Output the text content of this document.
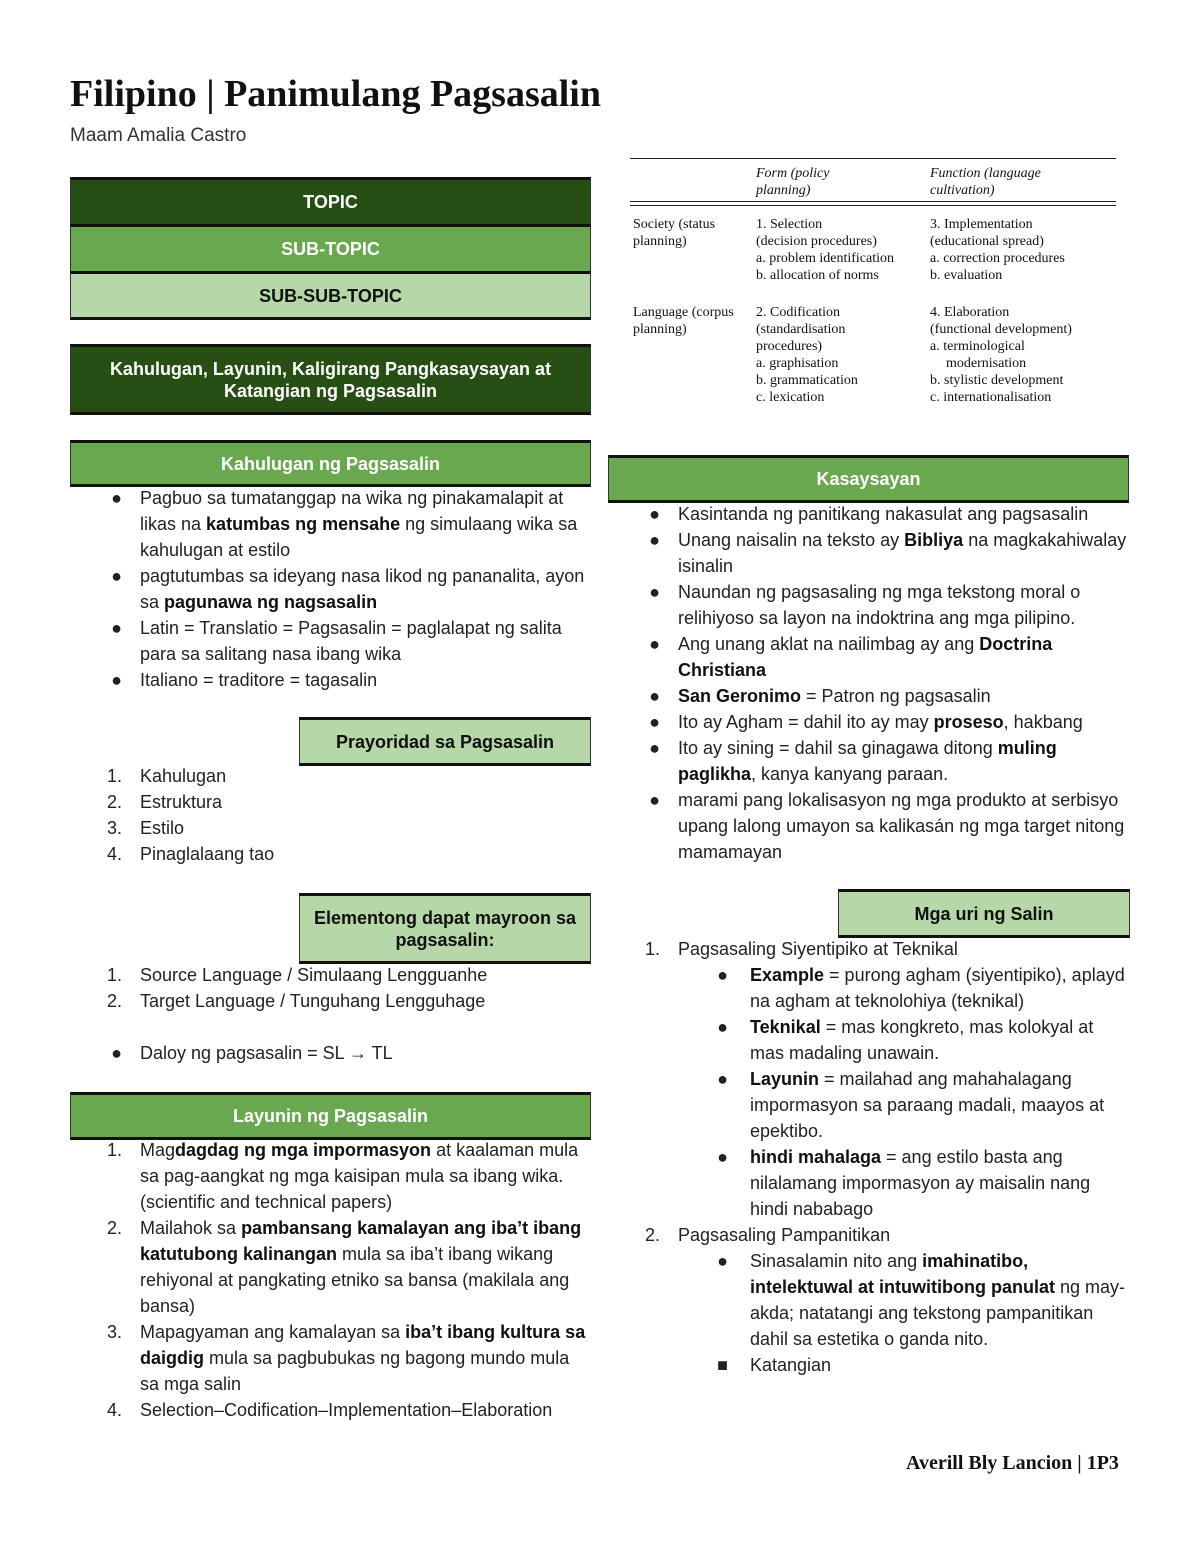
Filipino | Panimulang Pagsasalin
Maam Amalia Castro
TOPIC
SUB-TOPIC
SUB-SUB-TOPIC
Kahulugan, Layunin, Kaligirang Pangkasaysayan at Katangian ng Pagsasalin
Kahulugan ng Pagsasalin
● Pagbuo sa tumatanggap na wika ng pinakamalapit at likas na katumbas ng mensahe ng simulaang wika sa kahulugan at estilo
● pagtutumbas sa ideyang nasa likod ng pananalita, ayon sa pagunawa ng nagsasalin
● Latin = Translatio = Pagsasalin = paglalapat ng salita para sa salitang nasa ibang wika
● Italiano = traditore = tagasalin
Prayoridad sa Pagsasalin
1. Kahulugan
2. Estruktura
3. Estilo
4. Pinaglalaang tao
Elementong dapat mayroon sa pagsasalin:
1. Source Language / Simulaang Lengguanhe
2. Target Language / Tunguhang Lengguhage
● Daloy ng pagsasalin = SL → TL
Layunin ng Pagsasalin
1. Magdagdag ng mga impormasyon at kaalaman mula sa pag-aangkat ng mga kaisipan mula sa ibang wika. (scientific and technical papers)
2. Mailahok sa pambansang kamalayan ang iba’t ibang katutubong kalinangan mula sa iba’t ibang wikang rehiyonal at pangkating etniko sa bansa (makilala ang bansa)
3. Mapagyaman ang kamalayan sa iba’t ibang kultura sa daigdig mula sa pagbubukas ng bagong mundo mula sa mga salin
4. Selection–Codification–Implementation–Elaboration
Form (policy planning)
Function (language cultivation)
Society (status planning)
1. Selection
(decision procedures)
a. problem identification
b. allocation of norms
3. Implementation
(educational spread)
a. correction procedures
b. evaluation
Language (corpus planning)
2. Codification
(standardisation
procedures)
a. graphisation
b. grammatication
c. lexication
4. Elaboration
(functional development)
a. terminological
modernisation
b. stylistic development
c. internationalisation
Kasaysayan
● Kasintanda ng panitikang nakasulat ang pagsasalin
● Unang naisalin na teksto ay Bibliya na magkakahiwalay isinalin
● Naundan ng pagsasaling ng mga tekstong moral o relihiyoso sa layon na indoktrina ang mga pilipino.
● Ang unang aklat na nailimbag ay ang Doctrina Christiana
● San Geronimo = Patron ng pagsasalin
● Ito ay Agham = dahil ito ay may proseso, hakbang
● Ito ay sining = dahil sa ginagawa ditong muling paglikha, kanya kanyang paraan.
● marami pang lokalisasyon ng mga produkto at serbisyo upang lalong umayon sa kalikasán ng mga target nitong mamamayan
Mga uri ng Salin
1. Pagsasaling Siyentipiko at Teknikal
● Example = purong agham (siyentipiko), aplayd na agham at teknolohiya (teknikal)
● Teknikal = mas kongkreto, mas kolokyal at mas madaling unawain.
● Layunin = mailahad ang mahahalagang impormasyon sa paraang madali, maayos at epektibo.
● hindi mahalaga = ang estilo basta ang nilalamang impormasyon ay maisalin nang hindi nababago
2. Pagsasaling Pampanitikan
● Sinasalamin nito ang imahinatibo, intelektuwal at intuwitibong panulat ng may-akda; natatangi ang tekstong pampanitikan dahil sa estetika o ganda nito.
■ Katangian
Averill Bly Lancion | 1P3
